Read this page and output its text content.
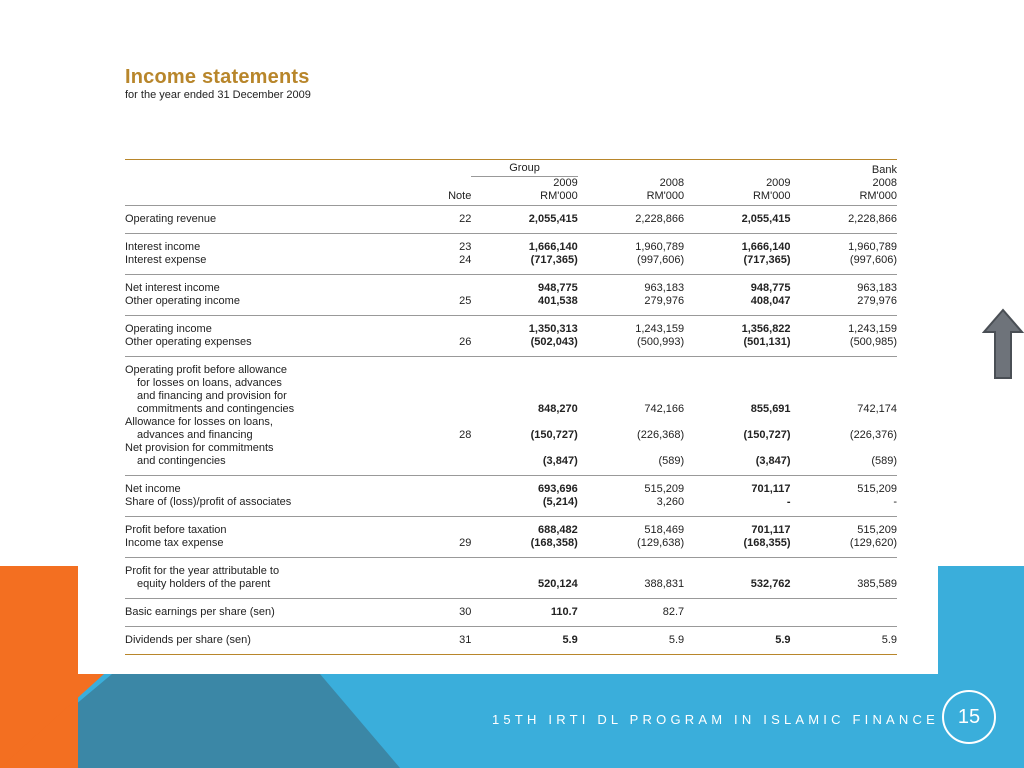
Income statements

for the year ended 31 December 2009

		Group			Bank
		2009	2008	2009	2008
	Note	RM'000	RM'000	RM'000	RM'000
Operating revenue	22	2,055,415	2,228,866	2,055,415	2,228,866
Interest income	23	1,666,140	1,960,789	1,666,140	1,960,789
Interest expense	24	(717,365)	(997,606)	(717,365)	(997,606)
Net interest income		948,775	963,183	948,775	963,183
Other operating income	25	401,538	279,976	408,047	279,976
Operating income		1,350,313	1,243,159	1,356,822	1,243,159
Other operating expenses	26	(502,043)	(500,993)	(501,131)	(500,985)

Operating profit before allowance
for losses on loans, advances
and financing and provision for
commitments and contingencies		848,270	742,166	855,691	742,174

Allowance for losses on loans,
advances and financing	28	(150,727)	(226,368)	(150,727)	(226,376)

Net provision for commitments
and contingencies		(3,847)	(589)	(3,847)	(589)
Net income		693,696	515,209	701,117	515,209
Share of (loss)/profit of associates		(5,214)	3,260	-	-
Profit before taxation		688,482	518,469	701,117	515,209
Income tax expense	29	(168,358)	(129,638)	(168,355)	(129,620)

Profit for the year attributable to
equity holders of the parent		520,124	388,831	532,762	385,589
Basic earnings per share (sen)	30	110.7	82.7		
Dividends per share (sen)	31	5.9	5.9	5.9	5.9
15TH IRTI DL PROGRAM IN ISLAMIC FINANCE 15
